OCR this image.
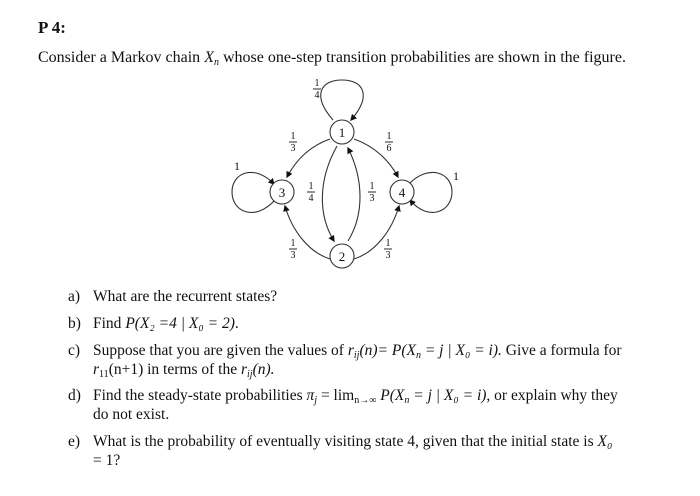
P 4:
Consider a Markov chain $X_n$ whose one-step transition probabilities are shown in the figure.
1
3	4
2
1
4
1
3
1
6
1
4
1
1
1
3
1
3
1
3
a) What are the recurrent states?
b) Find P(X₂ =4 | X₀ = 2).
c) Suppose that you are given the values of $r_{ij}(n)= P(X_n = j$ | X₀ = i). Give a formula for
$r_{11}(n+1)$ in terms of the $r_{ij}(n)$.
d) Find the steady-state probabilities $\pi_j = \lim_{n\to\infty} P(X_n = j$ | X₀ = i), or explain why they
do not exist.
e) What is the probability of eventually visiting state 4, given that the initial state is X₀
= 1?
